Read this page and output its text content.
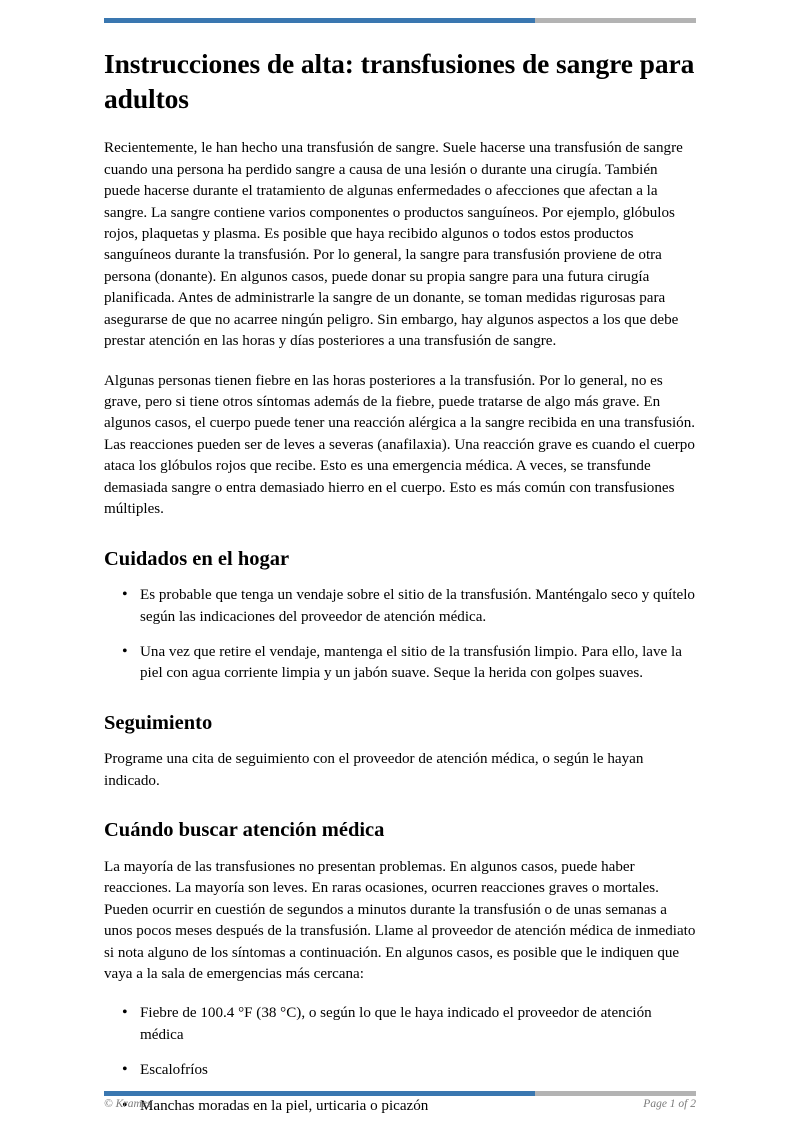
Instrucciones de alta: transfusiones de sangre para adultos

Recientemente, le han hecho una transfusión de sangre. Suele hacerse una transfusión de sangre cuando una persona ha perdido sangre a causa de una lesión o durante una cirugía. También puede hacerse durante el tratamiento de algunas enfermedades o afecciones que afectan a la sangre. La sangre contiene varios componentes o productos sanguíneos. Por ejemplo, glóbulos rojos, plaquetas y plasma. Es posible que haya recibido algunos o todos estos productos sanguíneos durante la transfusión. Por lo general, la sangre para transfusión proviene de otra persona (donante). En algunos casos, puede donar su propia sangre para una futura cirugía planificada. Antes de administrarle la sangre de un donante, se toman medidas rigurosas para asegurarse de que no acarree ningún peligro. Sin embargo, hay algunos aspectos a los que debe prestar atención en las horas y días posteriores a una transfusión de sangre.

Algunas personas tienen fiebre en las horas posteriores a la transfusión. Por lo general, no es grave, pero si tiene otros síntomas además de la fiebre, puede tratarse de algo más grave. En algunos casos, el cuerpo puede tener una reacción alérgica a la sangre recibida en una transfusión. Las reacciones pueden ser de leves a severas (anafilaxia). Una reacción grave es cuando el cuerpo ataca los glóbulos rojos que recibe. Esto es una emergencia médica. A veces, se transfunde demasiada sangre o entra demasiado hierro en el cuerpo. Esto es más común con transfusiones múltiples.

Cuidados en el hogar
• Es probable que tenga un vendaje sobre el sitio de la transfusión. Manténgalo seco y quítelo según las indicaciones del proveedor de atención médica.
• Una vez que retire el vendaje, mantenga el sitio de la transfusión limpio. Para ello, lave la piel con agua corriente limpia y un jabón suave. Seque la herida con golpes suaves.
Seguimiento

Programe una cita de seguimiento con el proveedor de atención médica, o según le hayan indicado.

Cuándo buscar atención médica

La mayoría de las transfusiones no presentan problemas. En algunos casos, puede haber reacciones. La mayoría son leves. En raras ocasiones, ocurren reacciones graves o mortales. Pueden ocurrir en cuestión de segundos a minutos durante la transfusión o de unas semanas a unos pocos meses después de la transfusión. Llame al proveedor de atención médica de inmediato si nota alguno de los síntomas a continuación. En algunos casos, es posible que le indiquen que vaya a la sala de emergencias más cercana:

• Fiebre de 100.4 °F (38 °C), o según lo que le haya indicado el proveedor de atención médica
• Escalofríos
• Manchas moradas en la piel, urticaria o picazón
© Krames	Page 1 of 2
